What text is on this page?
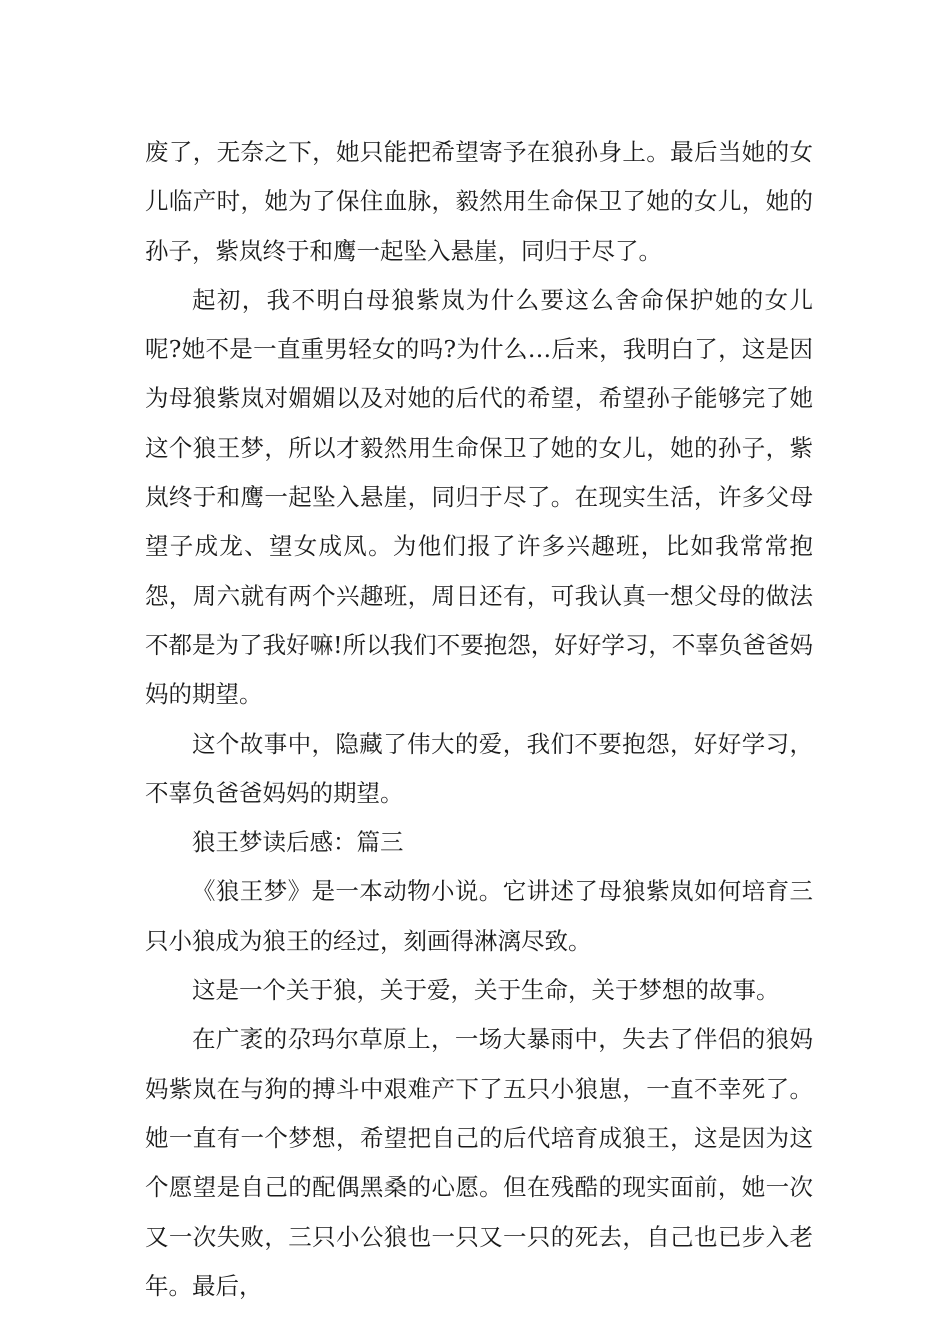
废了，无奈之下，她只能把希望寄予在狼孙身上。最后当她的女儿临产时，她为了保住血脉，毅然用生命保卫了她的女儿，她的孙子，紫岚终于和鹰一起坠入悬崖，同归于尽了。

起初，我不明白母狼紫岚为什么要这么舍命保护她的女儿呢?她不是一直重男轻女的吗?为什么…后来，我明白了，这是因为母狼紫岚对媚媚以及对她的后代的希望，希望孙子能够完了她这个狼王梦，所以才毅然用生命保卫了她的女儿，她的孙子，紫岚终于和鹰一起坠入悬崖，同归于尽了。在现实生活，许多父母望子成龙、望女成凤。为他们报了许多兴趣班，比如我常常抱怨，周六就有两个兴趣班，周日还有，可我认真一想父母的做法不都是为了我好嘛!所以我们不要抱怨，好好学习，不辜负爸爸妈妈的期望。

这个故事中，隐藏了伟大的爱，我们不要抱怨，好好学习，不辜负爸爸妈妈的期望。

狼王梦读后感：篇三

《狼王梦》是一本动物小说。它讲述了母狼紫岚如何培育三只小狼成为狼王的经过，刻画得淋漓尽致。

这是一个关于狼，关于爱，关于生命，关于梦想的故事。

在广袤的尕玛尔草原上，一场大暴雨中，失去了伴侣的狼妈妈紫岚在与狗的搏斗中艰难产下了五只小狼崽，一直不幸死了。她一直有一个梦想，希望把自己的后代培育成狼王，这是因为这个愿望是自己的配偶黑桑的心愿。但在残酷的现实面前，她一次又一次失败，三只小公狼也一只又一只的死去，自己也已步入老年。最后，
